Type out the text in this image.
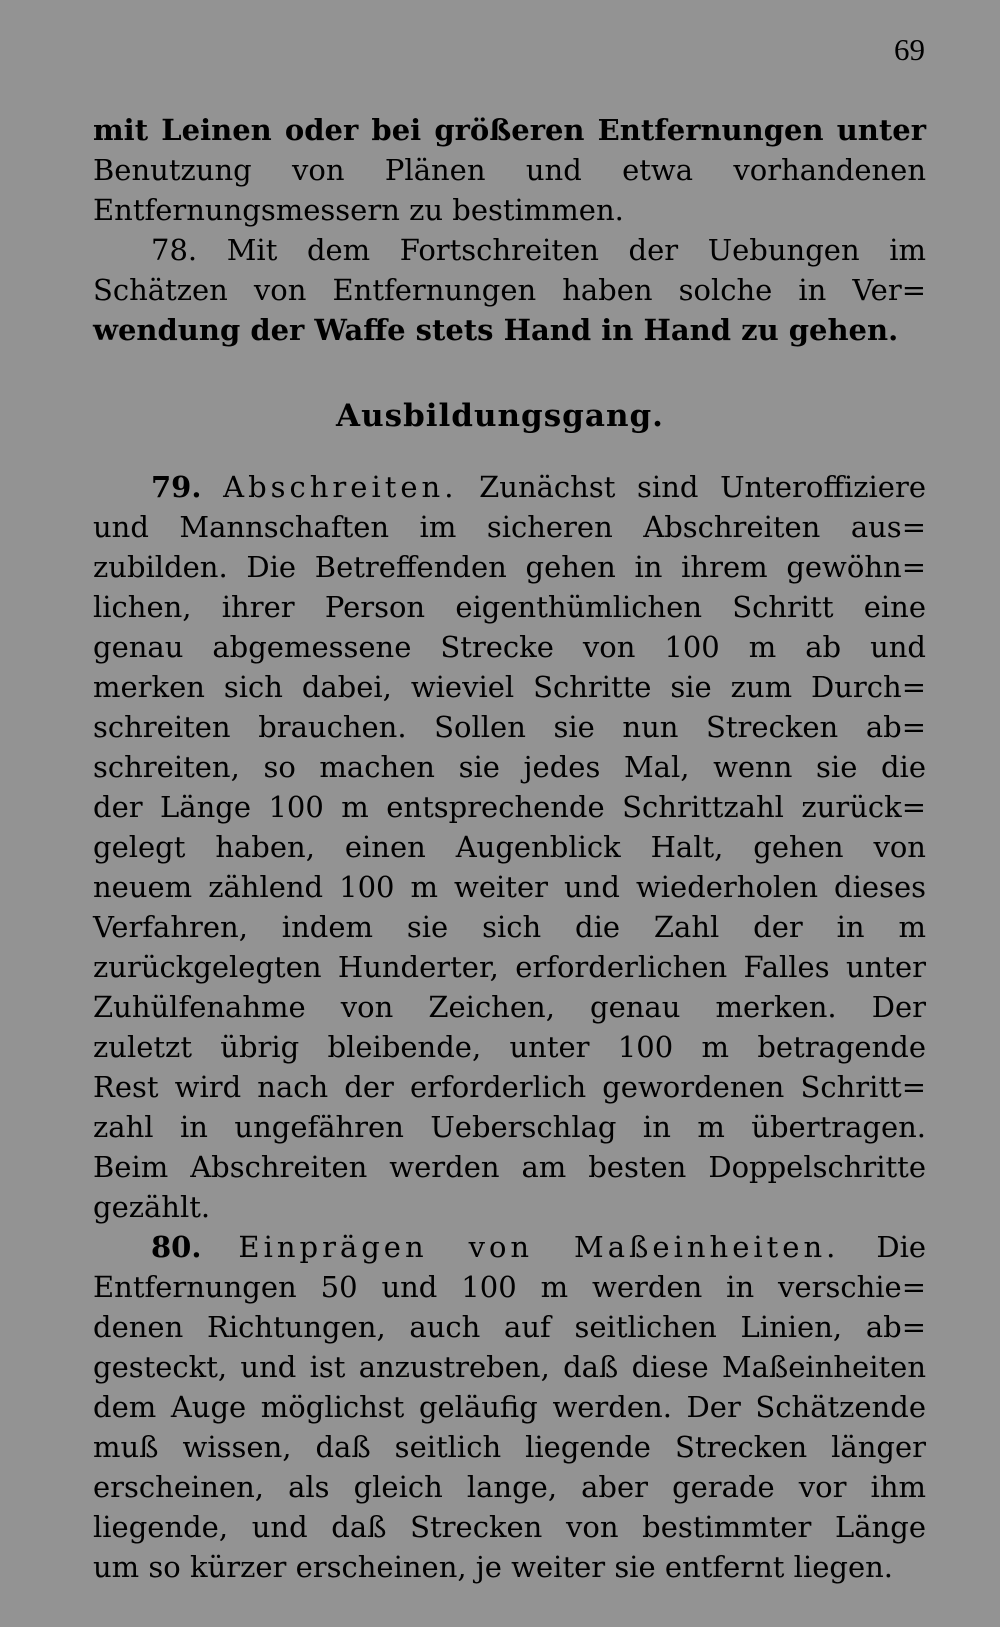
69
mit Leinen oder bei größeren Entfernungen unter
Benutzung von Plänen und etwa vorhandenen
Entfernungsmessern zu bestimmen.
78. Mit dem Fortschreiten der Uebungen im
Schätzen von Entfernungen haben solche in Ver=
wendung der Waffe stets Hand in Hand zu gehen.
Ausbildungsgang.
79. Abschreiten. Zunächst sind Unteroffiziere
und Mannschaften im sicheren Abschreiten aus=
zubilden. Die Betreffenden gehen in ihrem gewöhn=
lichen, ihrer Person eigenthümlichen Schritt eine
genau abgemessene Strecke von 100 m ab und
merken sich dabei, wieviel Schritte sie zum Durch=
schreiten brauchen. Sollen sie nun Strecken ab=
schreiten, so machen sie jedes Mal, wenn sie die
der Länge 100 m entsprechende Schrittzahl zurück=
gelegt haben, einen Augenblick Halt, gehen von
neuem zählend 100 m weiter und wiederholen dieses
Verfahren, indem sie sich die Zahl der in m
zurückgelegten Hunderter, erforderlichen Falles unter
Zuhülfenahme von Zeichen, genau merken. Der
zuletzt übrig bleibende, unter 100 m betragende
Rest wird nach der erforderlich gewordenen Schritt=
zahl in ungefähren Ueberschlag in m übertragen.
Beim Abschreiten werden am besten Doppelschritte
gezählt.
80. Einprägen von Maßeinheiten. Die
Entfernungen 50 und 100 m werden in verschie=
denen Richtungen, auch auf seitlichen Linien, ab=
gesteckt, und ist anzustreben, daß diese Maßeinheiten
dem Auge möglichst geläufig werden. Der Schätzende
muß wissen, daß seitlich liegende Strecken länger
erscheinen, als gleich lange, aber gerade vor ihm
liegende, und daß Strecken von bestimmter Länge
um so kürzer erscheinen, je weiter sie entfernt liegen.
